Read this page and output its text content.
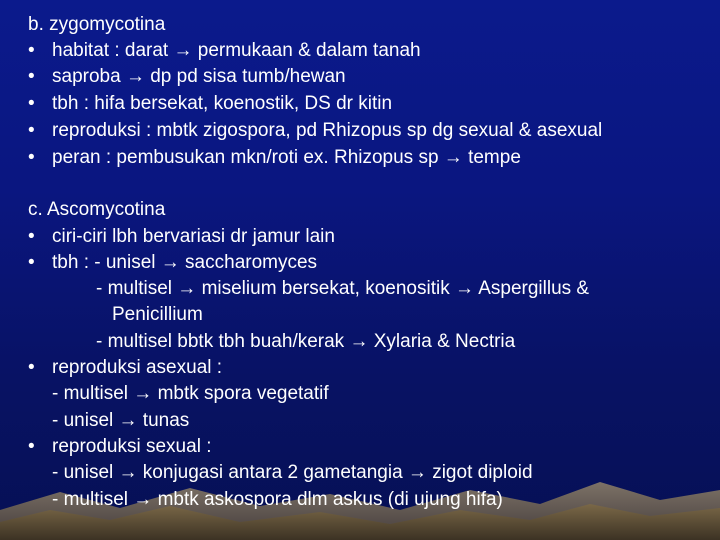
b. zygomycotina
• habitat : darat → permukaan & dalam tanah
• saproba → dp pd sisa tumb/hewan
• tbh : hifa bersekat, koenostik, DS dr kitin
• reproduksi : mbtk zigospora, pd Rhizopus sp dg sexual & asexual
• peran : pembusukan mkn/roti ex. Rhizopus sp → tempe
c. Ascomycotina
• ciri-ciri lbh bervariasi dr jamur lain
• tbh : - unisel → saccharomyces
- multisel → miselium bersekat, koenositik → Aspergillus &
Penicillium
- multisel bbtk tbh buah/kerak → Xylaria & Nectria
• reproduksi asexual :
- multisel → mbtk spora vegetatif
- unisel → tunas
• reproduksi sexual :
- unisel → konjugasi antara 2 gametangia → zigot diploid
- multisel → mbtk askospora dlm askus (di ujung hifa)
